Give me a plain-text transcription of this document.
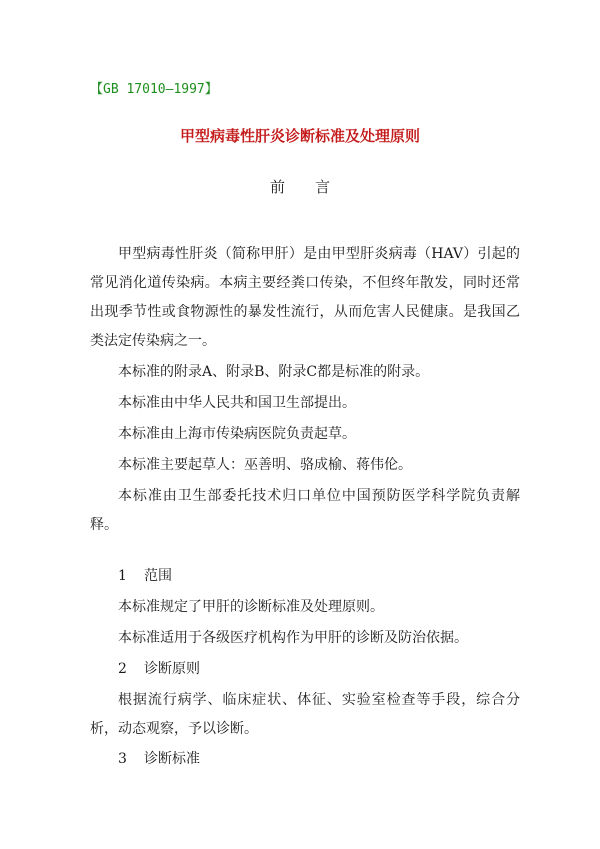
【GB 17010—1997】
甲型病毒性肝炎诊断标准及处理原则
前言

甲型病毒性肝炎（简称甲肝）是由甲型肝炎病毒（HAV）引起的常见消化道传染病。本病主要经粪口传染，不但终年散发，同时还常出现季节性或食物源性的暴发性流行，从而危害人民健康。是我国乙类法定传染病之一。

本标准的附录A、附录B、附录C都是标准的附录。

本标准由中华人民共和国卫生部提出。

本标准由上海市传染病医院负责起草。

本标准主要起草人：巫善明、骆成榆、蒋伟伦。

本标准由卫生部委托技术归口单位中国预防医学科学院负责解释。

1 范围

本标准规定了甲肝的诊断标准及处理原则。

本标准适用于各级医疗机构作为甲肝的诊断及防治依据。

2 诊断原则

根据流行病学、临床症状、体征、实验室检查等手段，综合分析，动态观察，予以诊断。

3 诊断标准
